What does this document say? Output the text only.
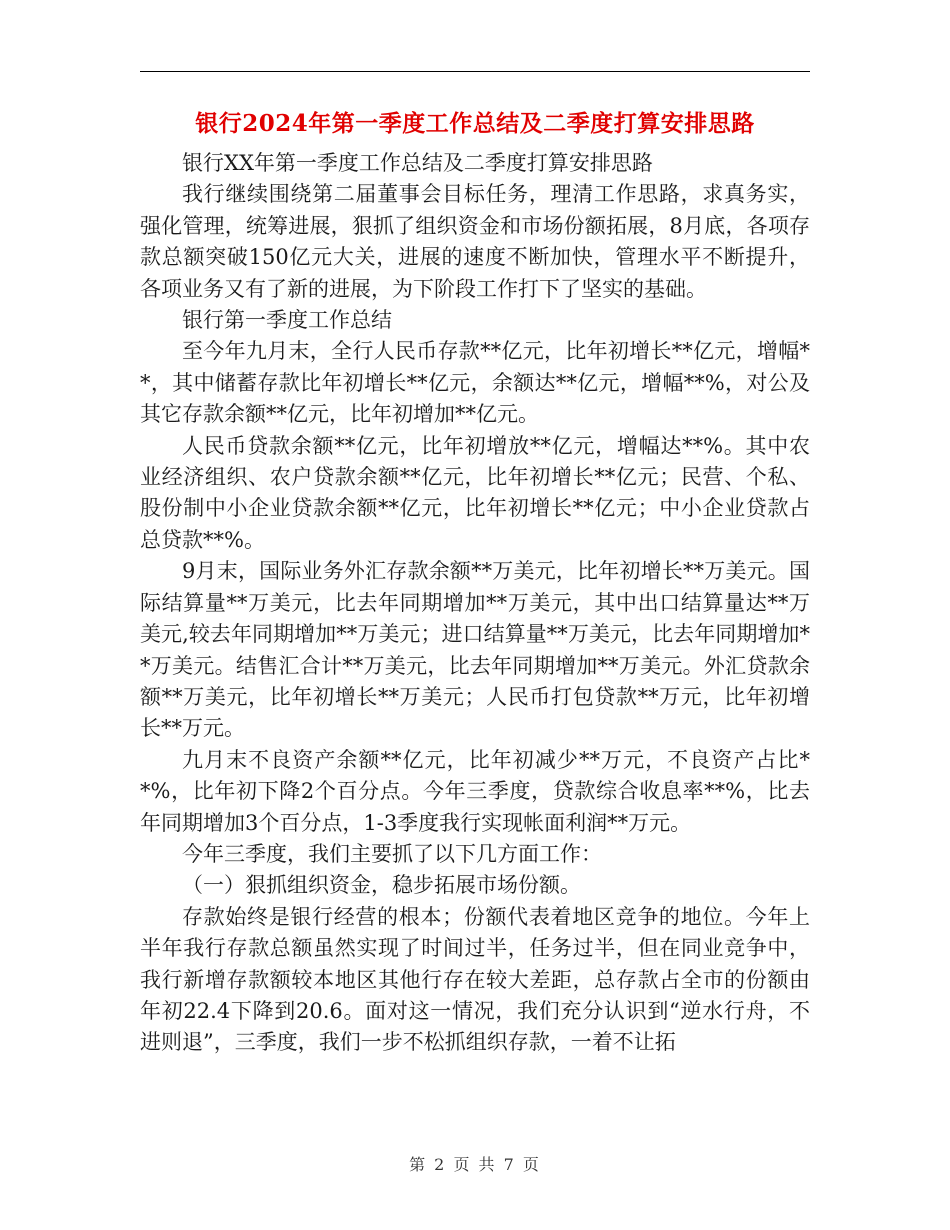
银行2024年第一季度工作总结及二季度打算安排思路

银行XX年第一季度工作总结及二季度打算安排思路

我行继续围绕第二届董事会目标任务，理清工作思路，求真务实，强化管理，统筹进展，狠抓了组织资金和市场份额拓展，8月底，各项存款总额突破150亿元大关，进展的速度不断加快，管理水平不断提升，各项业务又有了新的进展，为下阶段工作打下了坚实的基础。

银行第一季度工作总结

至今年九月末，全行人民币存款**亿元，比年初增长**亿元，增幅**，其中储蓄存款比年初增长**亿元，余额达**亿元，增幅**%，对公及其它存款余额**亿元，比年初增加**亿元。

人民币贷款余额**亿元，比年初增放**亿元，增幅达**%。其中农业经济组织、农户贷款余额**亿元，比年初增长**亿元；民营、个私、股份制中小企业贷款余额**亿元，比年初增长**亿元；中小企业贷款占总贷款**%。

9月末，国际业务外汇存款余额**万美元，比年初增长**万美元。国际结算量**万美元，比去年同期增加**万美元，其中出口结算量达**万美元,较去年同期增加**万美元；进口结算量**万美元，比去年同期增加**万美元。结售汇合计**万美元，比去年同期增加**万美元。外汇贷款余额**万美元，比年初增长**万美元；人民币打包贷款**万元，比年初增长**万元。

九月末不良资产余额**亿元，比年初减少**万元，不良资产占比**%，比年初下降2个百分点。今年三季度，贷款综合收息率**%，比去年同期增加3个百分点，1-3季度我行实现帐面利润**万元。

今年三季度，我们主要抓了以下几方面工作：

（一）狠抓组织资金，稳步拓展市场份额。

存款始终是银行经营的根本；份额代表着地区竞争的地位。今年上半年我行存款总额虽然实现了时间过半，任务过半，但在同业竞争中，我行新增存款额较本地区其他行存在较大差距，总存款占全市的份额由年初22.4下降到20.6。面对这一情况，我们充分认识到“逆水行舟，不进则退”，三季度，我们一步不松抓组织存款，一着不让拓

第 2 页 共 7 页
